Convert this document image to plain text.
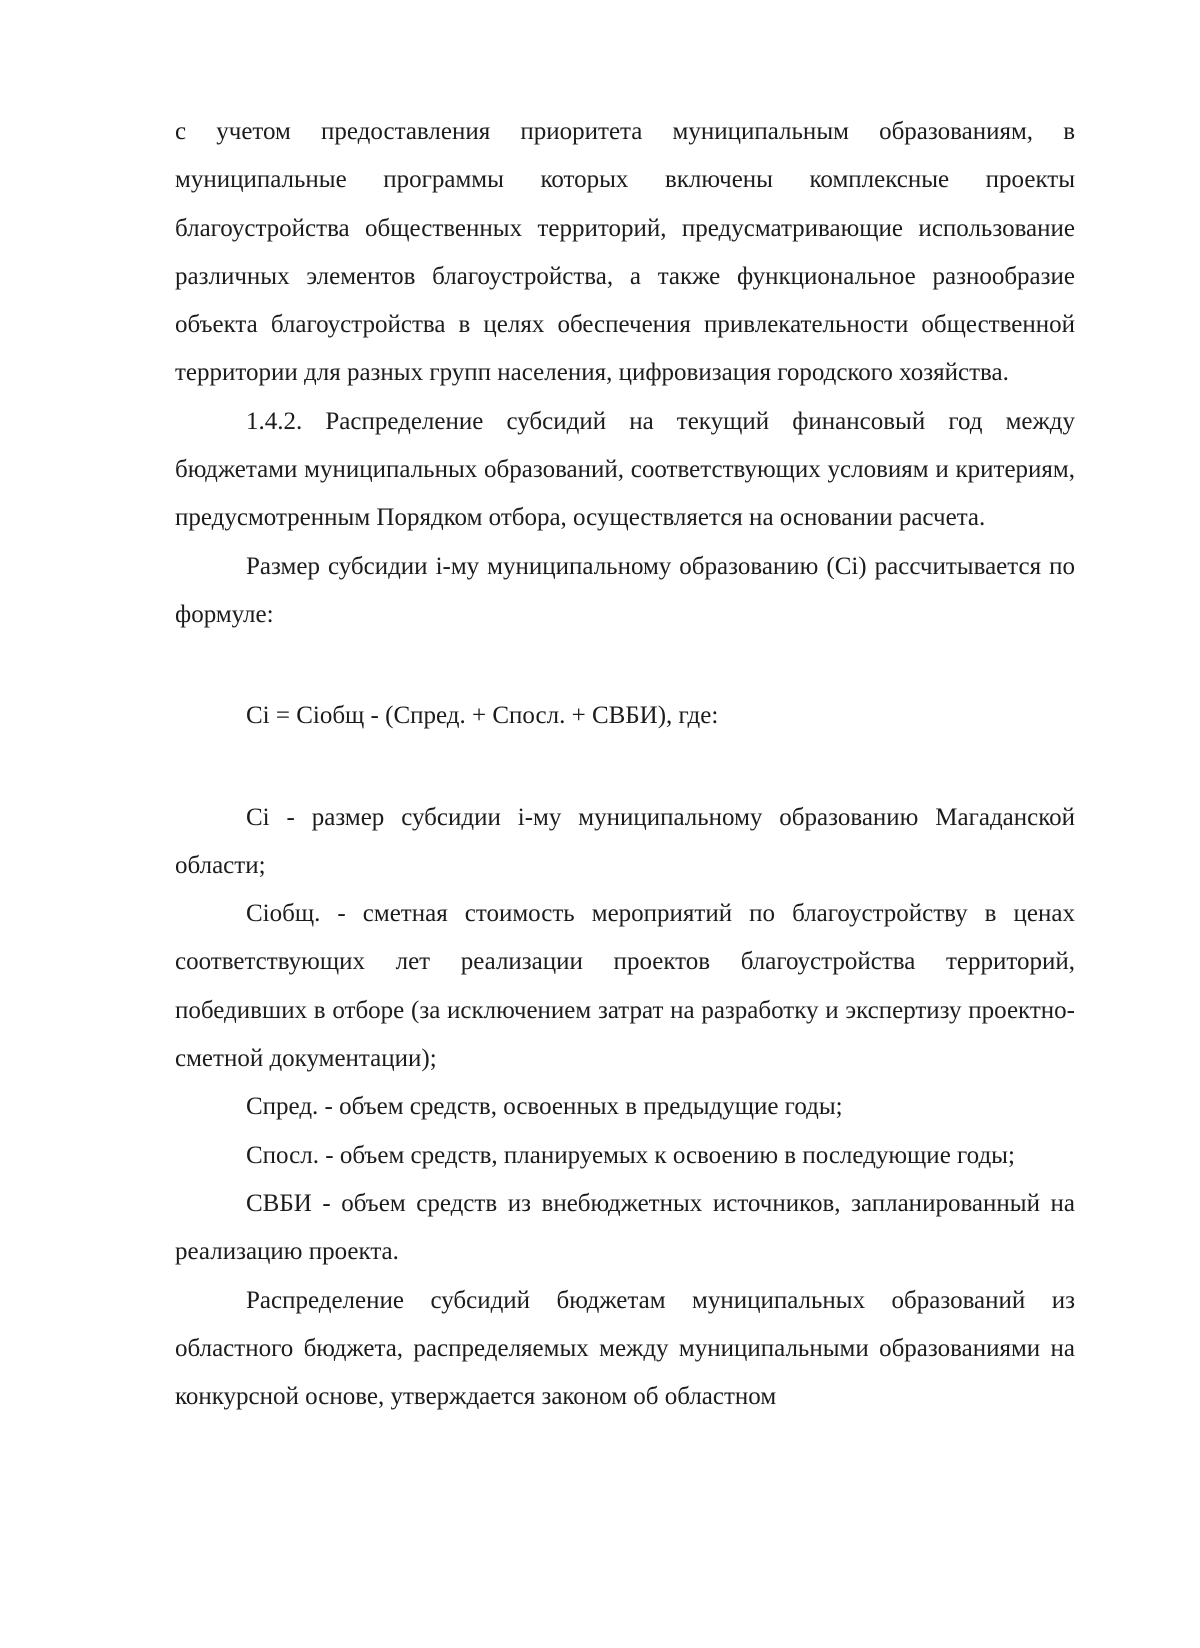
с учетом предоставления приоритета муниципальным образованиям, в муниципальные программы которых включены комплексные проекты благоустройства общественных территорий, предусматривающие использование различных элементов благоустройства, а также функциональное разнообразие объекта благоустройства в целях обеспечения привлекательности общественной территории для разных групп населения, цифровизация городского хозяйства.

1.4.2. Распределение субсидий на текущий финансовый год между бюджетами муниципальных образований, соответствующих условиям и критериям, предусмотренным Порядком отбора, осуществляется на основании расчета.

Размер субсидии i-му муниципальному образованию (Ci) рассчитывается по формуле:

Ci = Ciобщ - (Спред. + Спосл. + СВБИ), где:

Ci - размер субсидии i-му муниципальному образованию Магаданской области;

Ciобщ. - сметная стоимость мероприятий по благоустройству в ценах соответствующих лет реализации проектов благоустройства территорий, победивших в отборе (за исключением затрат на разработку и экспертизу проектно-сметной документации);

Спред. - объем средств, освоенных в предыдущие годы;

Спосл. - объем средств, планируемых к освоению в последующие годы;

СВБИ - объем средств из внебюджетных источников, запланированный на реализацию проекта.

Распределение субсидий бюджетам муниципальных образований из областного бюджета, распределяемых между муниципальными образованиями на конкурсной основе, утверждается законом об областном
